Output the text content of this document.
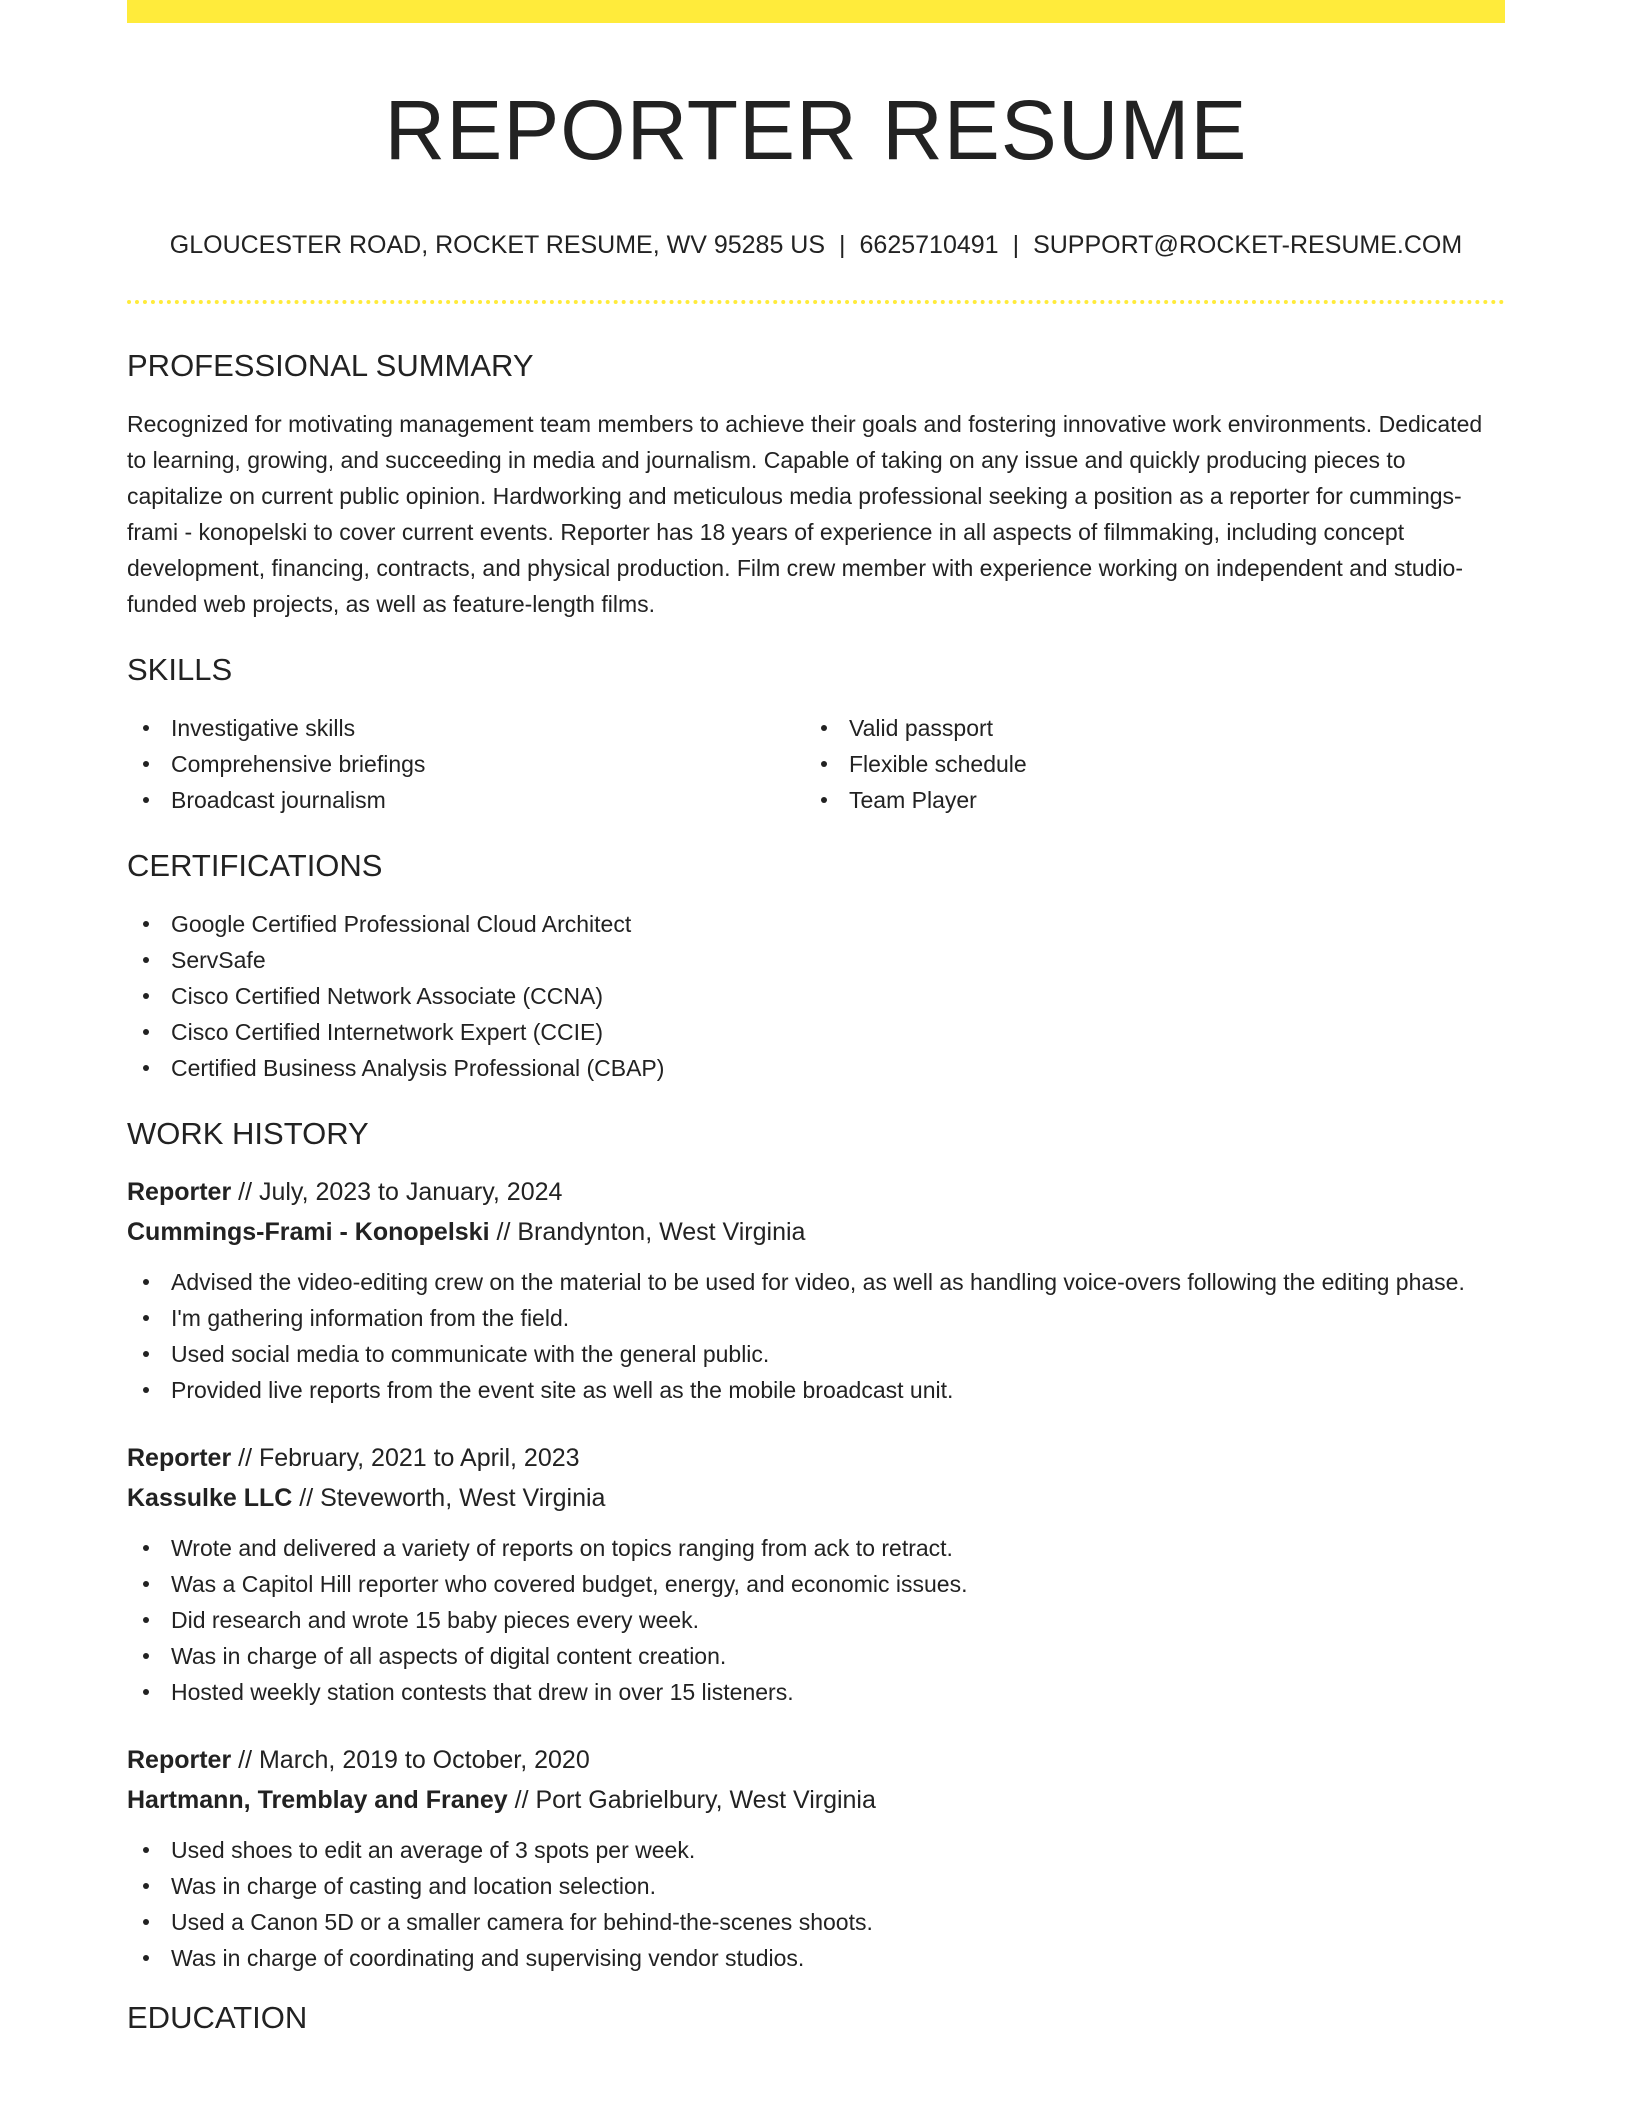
REPORTER RESUME
GLOUCESTER ROAD, ROCKET RESUME, WV 95285 US | 6625710491 | SUPPORT@ROCKET-RESUME.COM
PROFESSIONAL SUMMARY

Recognized for motivating management team members to achieve their goals and fostering innovative work environments. Dedicated to learning, growing, and succeeding in media and journalism. Capable of taking on any issue and quickly producing pieces to capitalize on current public opinion. Hardworking and meticulous media professional seeking a position as a reporter for cummings-frami - konopelski to cover current events. Reporter has 18 years of experience in all aspects of filmmaking, including concept development, financing, contracts, and physical production. Film crew member with experience working on independent and studio-funded web projects, as well as feature-length films.

SKILLS
Investigative skills
Comprehensive briefings
Broadcast journalism
Valid passport
Flexible schedule
Team Player
CERTIFICATIONS
Google Certified Professional Cloud Architect
ServSafe
Cisco Certified Network Associate (CCNA)
Cisco Certified Internetwork Expert (CCIE)
Certified Business Analysis Professional (CBAP)
WORK HISTORY
Reporter // July, 2023 to January, 2024
Cummings-Frami - Konopelski // Brandynton, West Virginia
Advised the video-editing crew on the material to be used for video, as well as handling voice-overs following the editing phase.
I'm gathering information from the field.
Used social media to communicate with the general public.
Provided live reports from the event site as well as the mobile broadcast unit.
Reporter // February, 2021 to April, 2023
Kassulke LLC // Steveworth, West Virginia
Wrote and delivered a variety of reports on topics ranging from ack to retract.
Was a Capitol Hill reporter who covered budget, energy, and economic issues.
Did research and wrote 15 baby pieces every week.
Was in charge of all aspects of digital content creation.
Hosted weekly station contests that drew in over 15 listeners.
Reporter // March, 2019 to October, 2020
Hartmann, Tremblay and Franey // Port Gabrielbury, West Virginia
Used shoes to edit an average of 3 spots per week.
Was in charge of casting and location selection.
Used a Canon 5D or a smaller camera for behind-the-scenes shoots.
Was in charge of coordinating and supervising vendor studios.
EDUCATION
